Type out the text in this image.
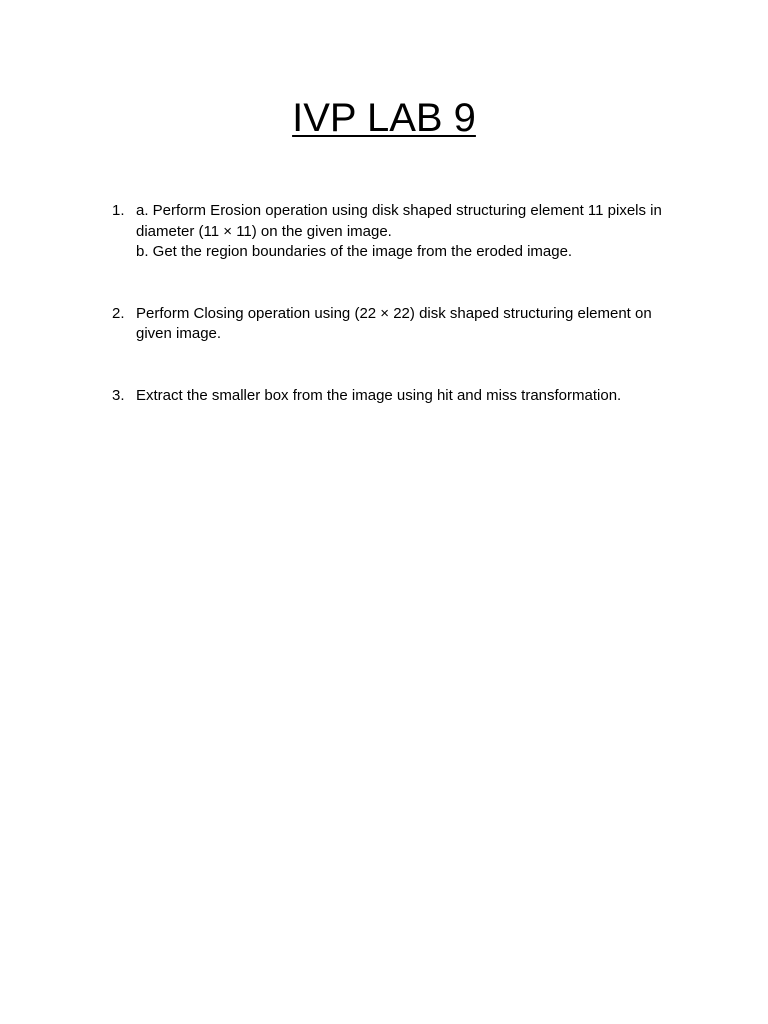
IVP LAB 9
1. a. Perform Erosion operation using disk shaped structuring element 11 pixels in diameter (11 × 11) on the given image.
b. Get the region boundaries of the image from the eroded image.
2. Perform Closing operation using (22 × 22) disk shaped structuring element on given image.
3. Extract the smaller box from the image using hit and miss transformation.
